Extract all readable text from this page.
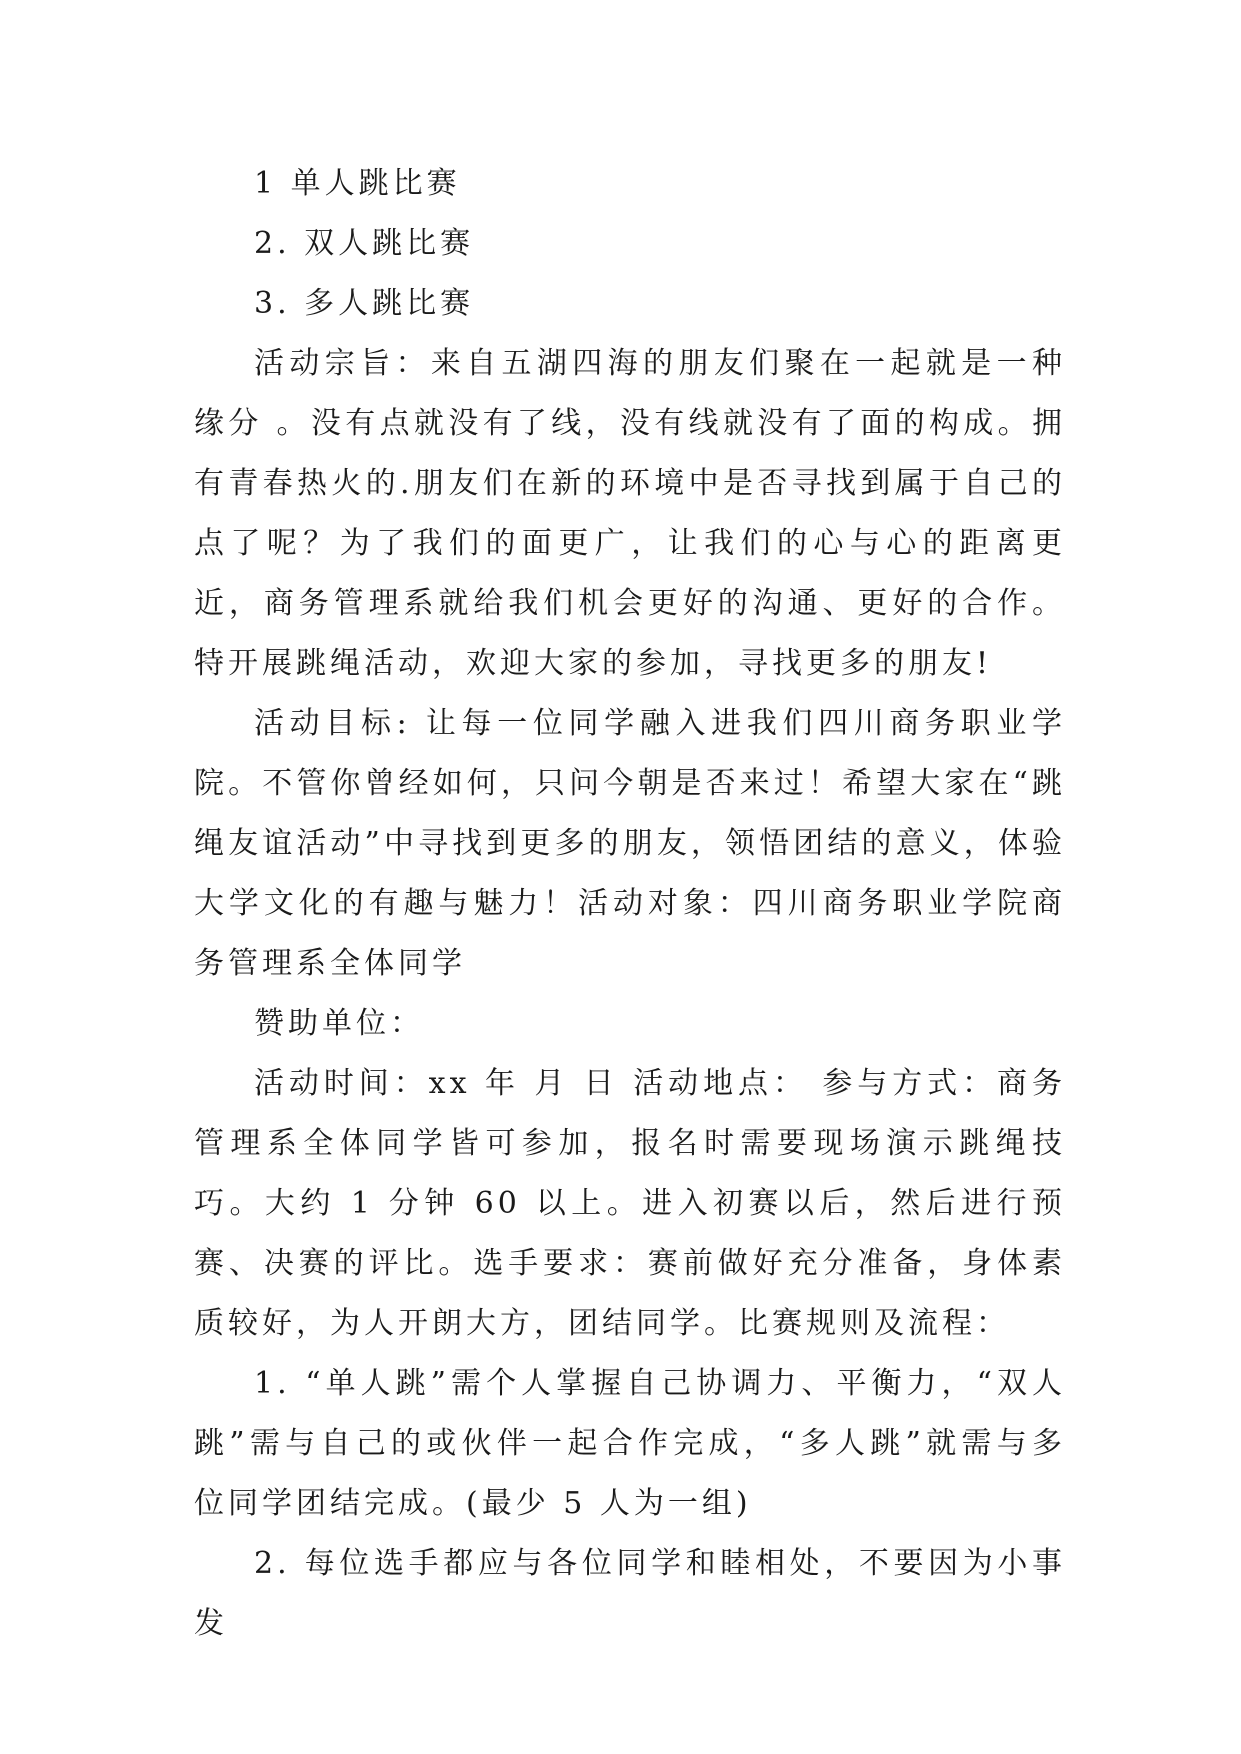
1 单人跳比赛

2. 双人跳比赛

3. 多人跳比赛

活动宗旨：来自五湖四海的朋友们聚在一起就是一种缘分 。没有点就没有了线，没有线就没有了面的构成。拥有青春热火的.朋友们在新的环境中是否寻找到属于自己的点了呢？为了我们的面更广，让我们的心与心的距离更近，商务管理系就给我们机会更好的沟通、更好的合作。特开展跳绳活动，欢迎大家的参加，寻找更多的朋友!

活动目标: 让每一位同学融入进我们四川商务职业学院。不管你曾经如何，只问今朝是否来过！希望大家在“跳绳友谊活动”中寻找到更多的朋友，领悟团结的意义，体验大学文化的有趣与魅力！活动对象：四川商务职业学院商务管理系全体同学

赞助单位：

活动时间：xx 年 月 日 活动地点： 参与方式：商务管理系全体同学皆可参加，报名时需要现场演示跳绳技巧。大约 1 分钟 60 以上。进入初赛以后，然后进行预赛、决赛的评比。选手要求：赛前做好充分准备，身体素质较好，为人开朗大方，团结同学。比赛规则及流程：

1. “单人跳”需个人掌握自己协调力、平衡力，“双人跳”需与自己的或伙伴一起合作完成，“多人跳”就需与多位同学团结完成。(最少 5 人为一组)

2. 每位选手都应与各位同学和睦相处，不要因为小事发
